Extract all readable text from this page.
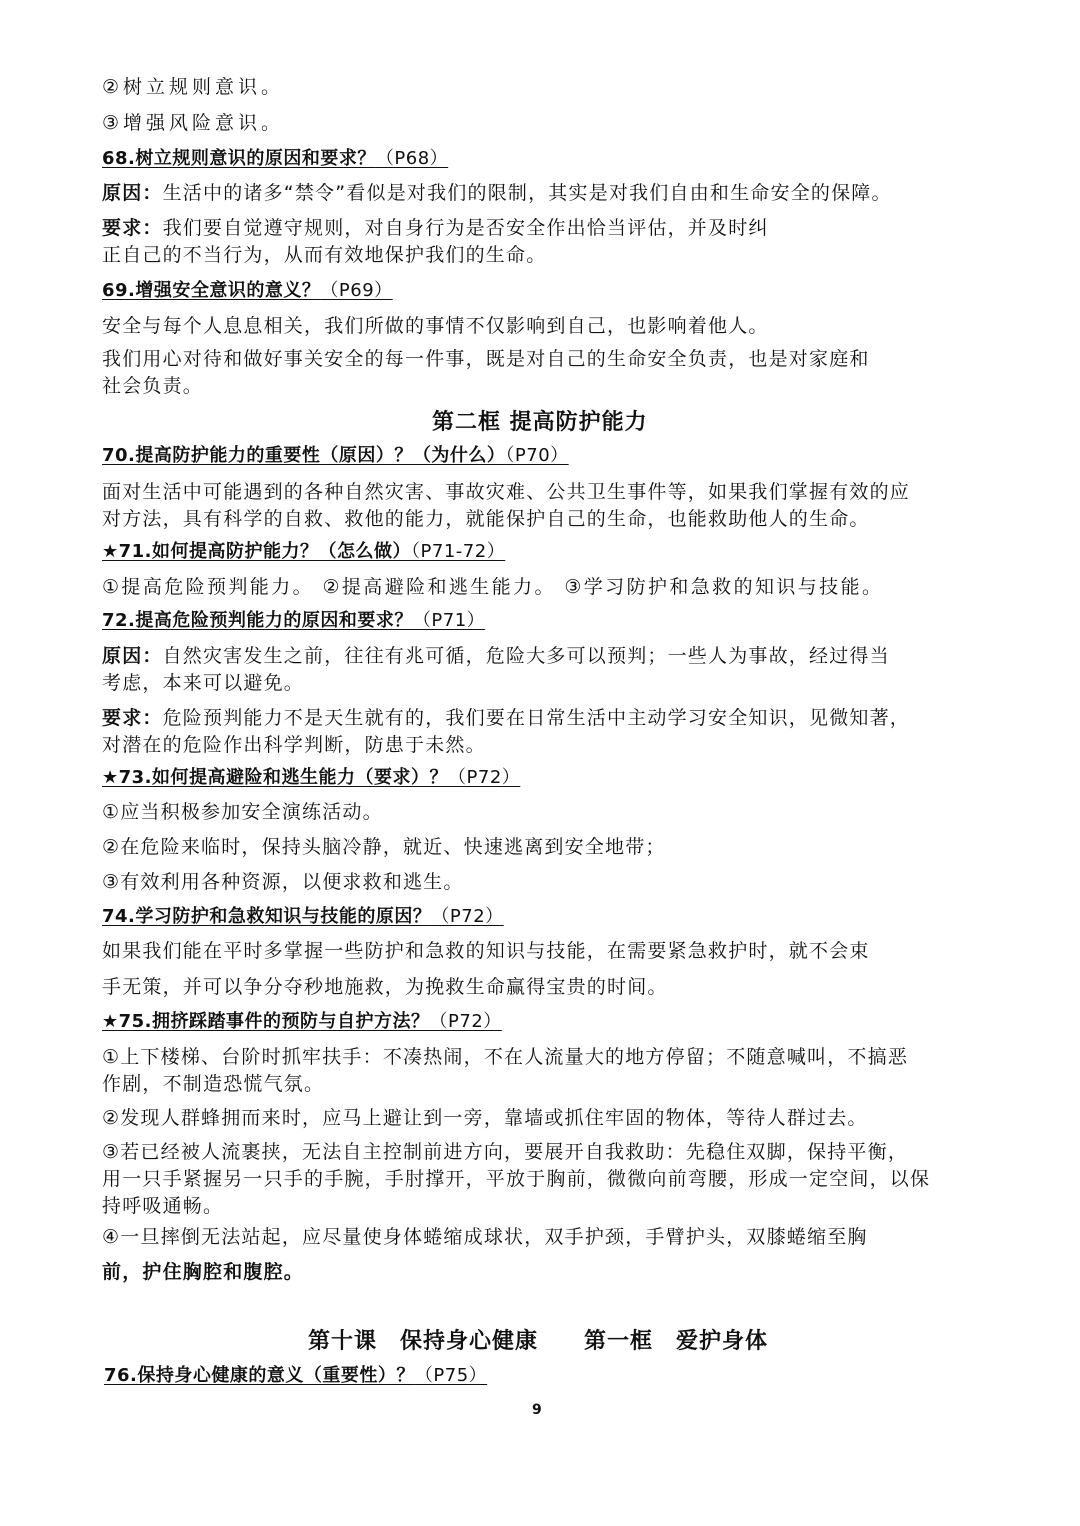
②树立规则意识。
③增强风险意识。
68.树立规则意识的原因和要求？（P68）
原因：生活中的诸多“禁令”看似是对我们的限制，其实是对我们自由和生命安全的保障。
要求：我们要自觉遵守规则，对自身行为是否安全作出恰当评估，并及时纠
正自己的不当行为，从而有效地保护我们的生命。
69.增强安全意识的意义？（P69）
安全与每个人息息相关，我们所做的事情不仅影响到自己，也影响着他人。
我们用心对待和做好事关安全的每一件事，既是对自己的生命安全负责，也是对家庭和
社会负责。
第二框 提高防护能力
70.提高防护能力的重要性（原因）？（为什么）（P70）
面对生活中可能遇到的各种自然灾害、事故灾难、公共卫生事件等，如果我们掌握有效的应
对方法，具有科学的自救、救他的能力，就能保护自己的生命，也能救助他人的生命。
★71.如何提高防护能力？（怎么做）（P71-72）
①提高危险预判能力。 ②提高避险和逃生能力。 ③学习防护和急救的知识与技能。
72.提高危险预判能力的原因和要求？（P71）
原因：自然灾害发生之前，往往有兆可循，危险大多可以预判；一些人为事故，经过得当
考虑，本来可以避免。
要求：危险预判能力不是天生就有的，我们要在日常生活中主动学习安全知识，见微知著，
对潜在的危险作出科学判断，防患于未然。
★73.如何提高避险和逃生能力（要求）？（P72）
①应当积极参加安全演练活动。
②在危险来临时，保持头脑冷静，就近、快速逃离到安全地带；
③有效利用各种资源，以便求救和逃生。
74.学习防护和急救知识与技能的原因？（P72）
如果我们能在平时多掌握一些防护和急救的知识与技能，在需要紧急救护时，就不会束
手无策，并可以争分夺秒地施救，为挽救生命赢得宝贵的时间。
★75.拥挤踩踏事件的预防与自护方法？（P72）
①上下楼梯、台阶时抓牢扶手：不凑热闹，不在人流量大的地方停留；不随意喊叫，不搞恶
作剧，不制造恐慌气氛。
②发现人群蜂拥而来时，应马上避让到一旁，靠墙或抓住牢固的物体，等待人群过去。
③若已经被人流裹挟，无法自主控制前进方向，要展开自我救助：先稳住双脚，保持平衡，
用一只手紧握另一只手的手腕，手肘撑开，平放于胸前，微微向前弯腰，形成一定空间，以保
持呼吸通畅。
④一旦摔倒无法站起，应尽量使身体蜷缩成球状，双手护颈，手臂护头，双膝蜷缩至胸
前，护住胸腔和腹腔。
第十课　保持身心健康　　第一框　爱护身体
76.保持身心健康的意义（重要性）？（P75）
9
